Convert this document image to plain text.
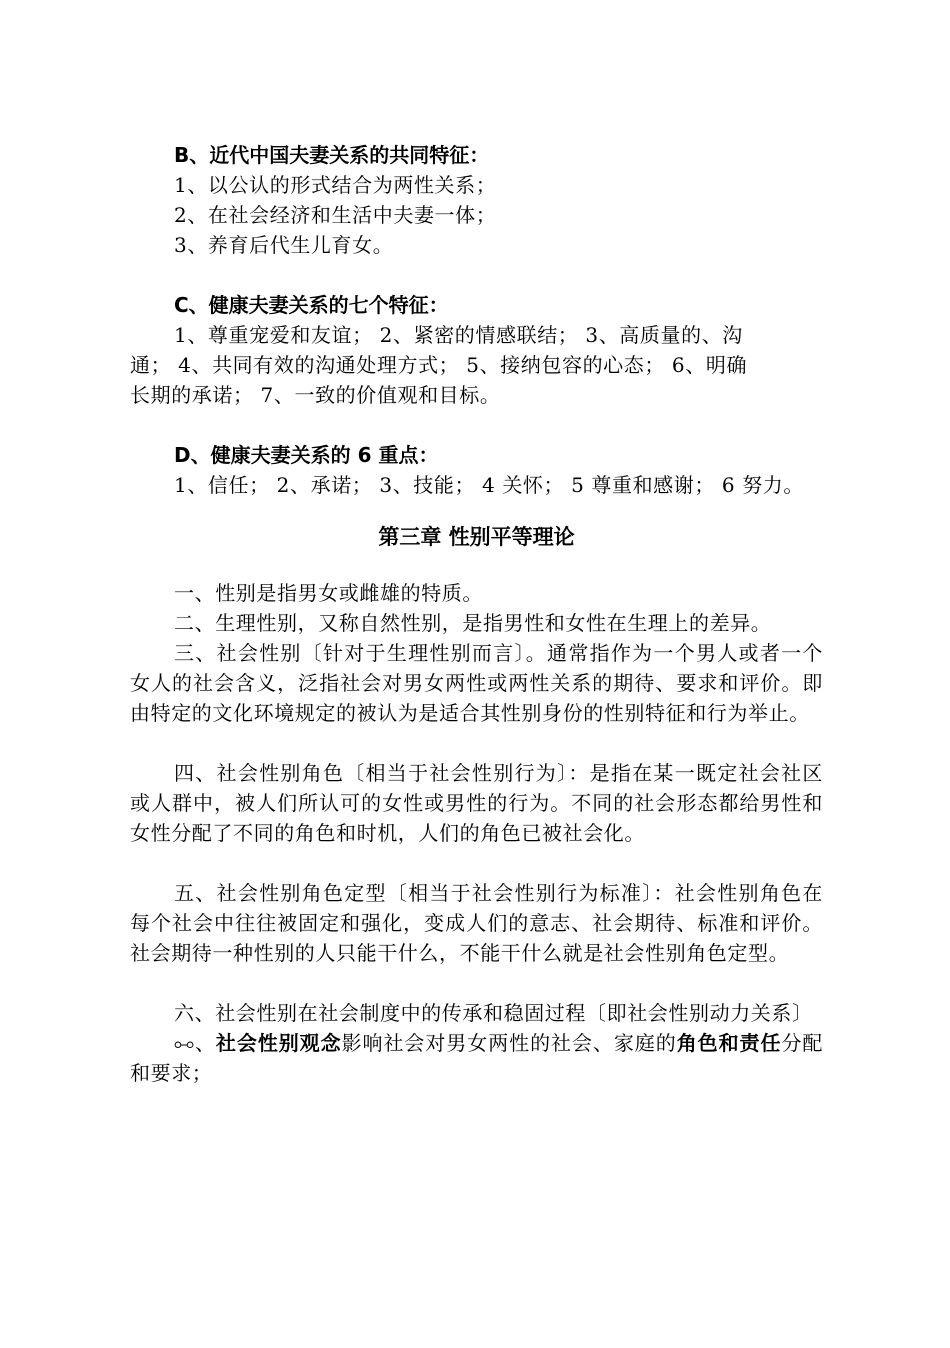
B、近代中国夫妻关系的共同特征：
1、以公认的形式结合为两性关系；
2、在社会经济和生活中夫妻一体；
3、养育后代生儿育女。
C、健康夫妻关系的七个特征：
1、尊重宠爱和友谊； 2、紧密的情感联结； 3、高质量的、沟
通； 4、共同有效的沟通处理方式； 5、接纳包容的心态； 6、明确
长期的承诺； 7、一致的价值观和目标。
D、健康夫妻关系的 6 重点：
1、信任； 2、承诺； 3、技能； 4 关怀； 5 尊重和感谢； 6 努力。
第三章 性别平等理论

一、性别是指男女或雌雄的特质。

二、生理性别，又称自然性别，是指男性和女性在生理上的差异。

三、社会性别〔针对于生理性别而言〕。通常指作为一个男人或者一个女人的社会含义，泛指社会对男女两性或两性关系的期待、要求和评价。即由特定的文化环境规定的被认为是适合其性别身份的性别特征和行为举止。

四、社会性别角色〔相当于社会性别行为〕：是指在某一既定社会社区或人群中，被人们所认可的女性或男性的行为。不同的社会形态都给男性和女性分配了不同的角色和时机，人们的角色已被社会化。

五、社会性别角色定型〔相当于社会性别行为标准〕：社会性别角色在每个社会中往往被固定和强化，变成人们的意志、社会期待、标准和评价。社会期待一种性别的人只能干什么，不能干什么就是社会性别角色定型。

六、社会性别在社会制度中的传承和稳固过程〔即社会性别动力关系〕

⧟、社会性别观念影响社会对男女两性的社会、家庭的角色和责任分配和要求；
